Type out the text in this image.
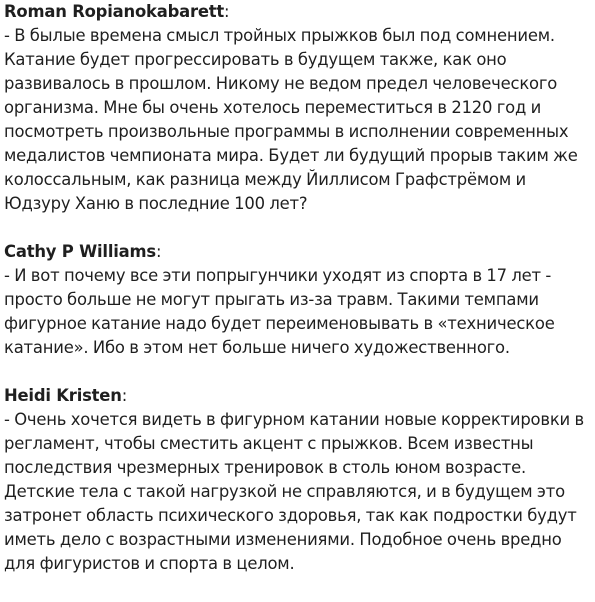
Roman Ropianokabarett:

- В былые времена смысл тройных прыжков был под сомнением. Катание будет прогрессировать в будущем также, как оно развивалось в прошлом. Никому не ведом предел человеческого организма. Мне бы очень хотелось переместиться в 2120 год и посмотреть произвольные программы в исполнении современных медалистов чемпионата мира. Будет ли будущий прорыв таким же колоссальным, как разница между Йиллисом Графстрёмом и Юдзуру Ханю в последние 100 лет?

Cathy P Williams:

- И вот почему все эти попрыгунчики уходят из спорта в 17 лет - просто больше не могут прыгать из-за травм. Такими темпами фигурное катание надо будет переименовывать в «техническое катание». Ибо в этом нет больше ничего художественного.

Heidi Kristen:

- Очень хочется видеть в фигурном катании новые корректировки в регламент, чтобы сместить акцент с прыжков. Всем известны последствия чрезмерных тренировок в столь юном возрасте. Детские тела с такой нагрузкой не справляются, и в будущем это затронет область психического здоровья, так как подростки будут иметь дело с возрастными изменениями. Подобное очень вредно для фигуристов и спорта в целом.
